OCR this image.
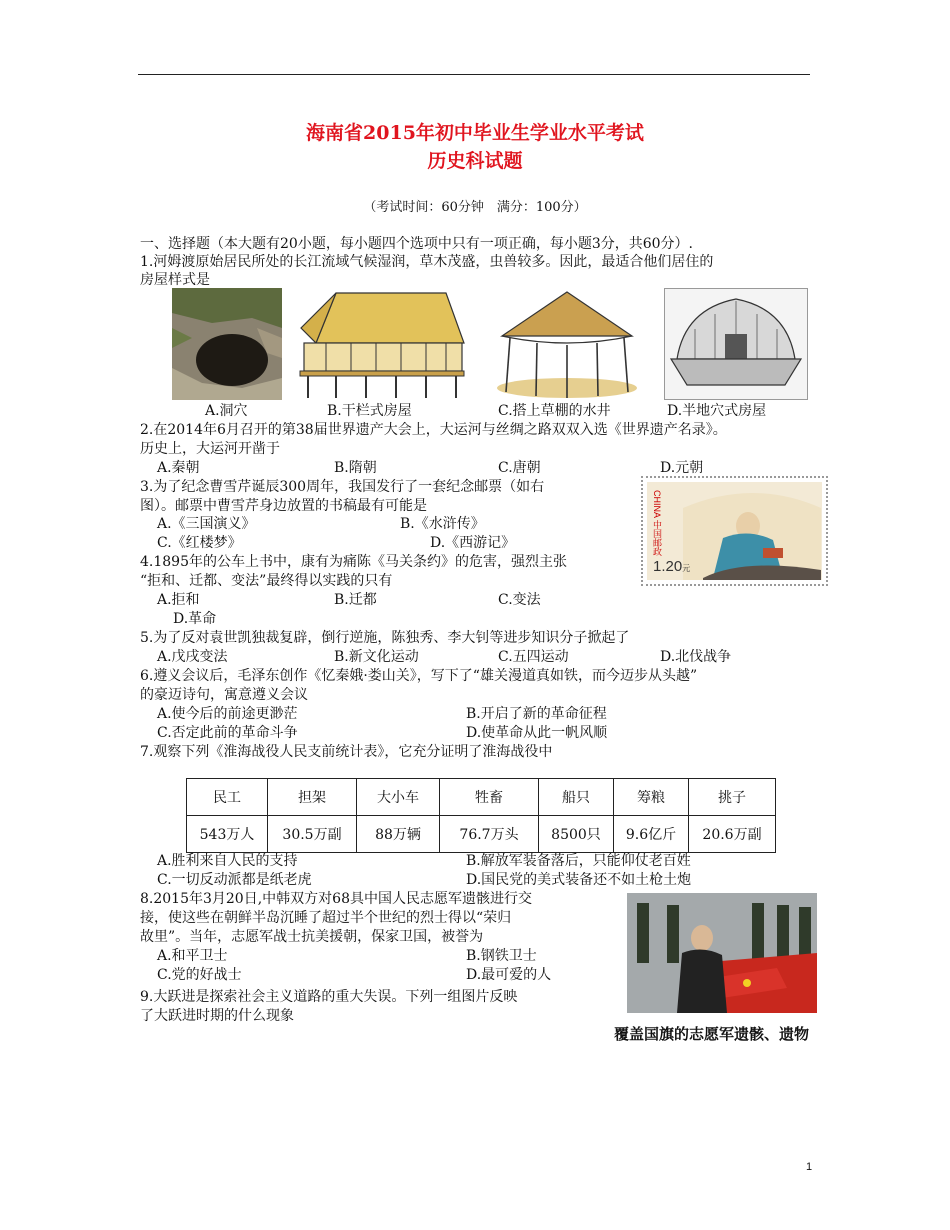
海南省2015年初中毕业生学业水平考试
历史科试题
（考试时间：60分钟　满分：100分）
一、选择题（本大题有20小题，每小题四个选项中只有一项正确，每小题3分，共60分）.
1.河姆渡原始居民所处的长江流域气候湿润，草木茂盛，虫兽较多。因此，最适合他们居住的
房屋样式是
A.洞穴	B.干栏式房屋	C.搭上草棚的水井	D.半地穴式房屋
2.在2014年6月召开的第38届世界遗产大会上，大运河与丝绸之路双双入选《世界遗产名录》。
历史上，大运河开凿于
A.秦朝	B.隋朝	C.唐朝	D.元朝
3.为了纪念曹雪芹诞辰300周年，我国发行了一套纪念邮票（如右
图）。邮票中曹雪芹身边放置的书稿最有可能是
A.《三国演义》	B.《水浒传》
C.《红楼梦》	D.《西游记》	CHINA 中国邮政
1.20元
4.1895年的公车上书中，康有为痛陈《马关条约》的危害，强烈主张
“拒和、迁都、变法”最终得以实践的只有
A.拒和	B.迁都	C.变法
D.革命
5.为了反对袁世凯独裁复辟，倒行逆施，陈独秀、李大钊等进步知识分子掀起了
A.戊戌变法	B.新文化运动	C.五四运动	D.北伐战争
6.遵义会议后，毛泽东创作《忆秦娥·娄山关》，写下了“雄关漫道真如铁，而今迈步从头越”
的豪迈诗句，寓意遵义会议
A.使今后的前途更渺茫	B.开启了新的革命征程
C.否定此前的革命斗争	D.使革命从此一帆风顺
7.观察下列《淮海战役人民支前统计表》，它充分证明了淮海战役中
民工	担架	大小车	牲畜	船只	筹粮	挑子
543万人	30.5万副	88万辆	76.7万头	8500只	9.6亿斤	20.6万副
A.胜利来自人民的支持	B.解放军装备落后，只能仰仗老百姓
C.一切反动派都是纸老虎	D.国民党的美式装备还不如土枪土炮
8.2015年3月20日,中韩双方对68具中国人民志愿军遗骸进行交
接，使这些在朝鲜半岛沉睡了超过半个世纪的烈士得以“荣归
故里”。当年，志愿军战士抗美援朝，保家卫国，被誉为
A.和平卫士	B.钢铁卫士
C.党的好战士	D.最可爱的人
覆盖国旗的志愿军遗骸、遗物
9.大跃进是探索社会主义道路的重大失误。下列一组图片反映
了大跃进时期的什么现象
1
